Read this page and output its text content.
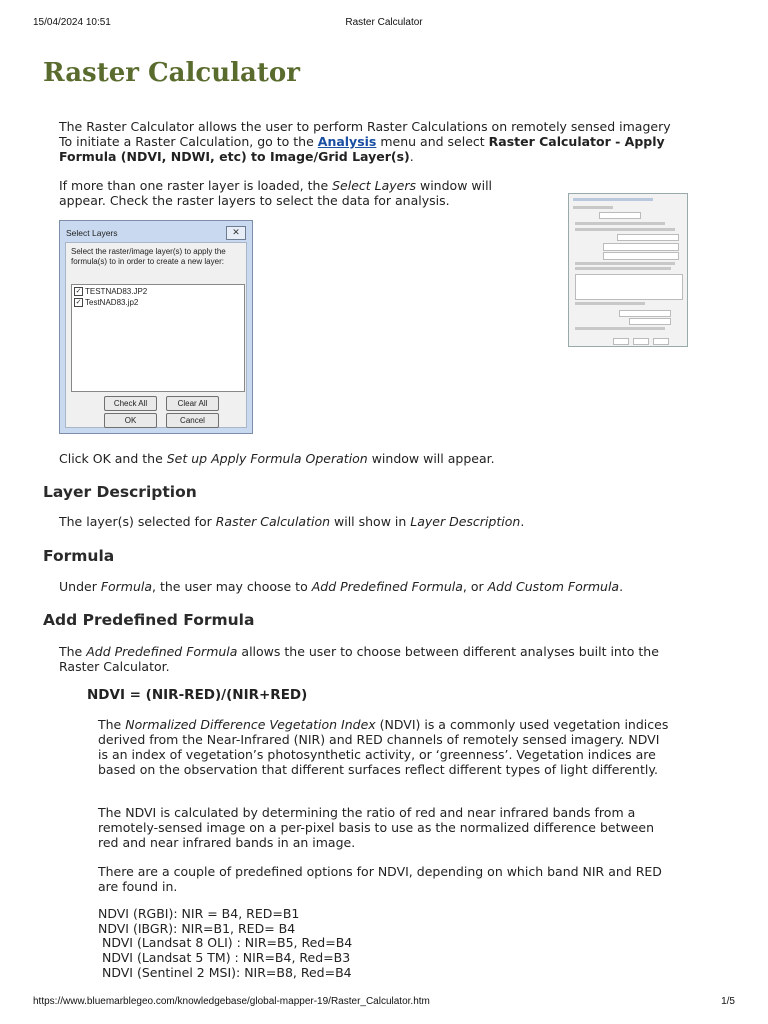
15/04/2024 10:51	Raster Calculator
Raster Calculator

The Raster Calculator allows the user to perform Raster Calculations on remotely sensed imagery
To initiate a Raster Calculation, go to the Analysis menu and select Raster Calculator - Apply Formula (NDVI, NDWI, etc) to Image/Grid Layer(s).

If more than one raster layer is loaded, the Select Layers window will appear. Check the raster layers to select the data for analysis.

Select Layers	✕
Select the raster/image layer(s) to apply the formula(s) to in order to create a new layer:
✓ TESTNAD83.JP2
✓ TestNAD83.jp2
Check All	Clear All
OK	Cancel

Click OK and the Set up Apply Formula Operation window will appear.

Layer Description

The layer(s) selected for Raster Calculation will show in Layer Description.

Formula

Under Formula, the user may choose to Add Predefined Formula, or Add Custom Formula.

Add Predefined Formula

The Add Predefined Formula allows the user to choose between different analyses built into the Raster Calculator.

NDVI = (NIR-RED)/(NIR+RED)

The Normalized Difference Vegetation Index (NDVI) is a commonly used vegetation indices derived from the Near-Infrared (NIR) and RED channels of remotely sensed imagery. NDVI is an index of vegetation’s photosynthetic activity, or ‘greenness’. Vegetation indices are based on the observation that different surfaces reflect different types of light differently.

The NDVI is calculated by determining the ratio of red and near infrared bands from a remotely-sensed image on a per-pixel basis to use as the normalized difference between red and near infrared bands in an image.

There are a couple of predefined options for NDVI, depending on which band NIR and RED are found in.

NDVI (RGBI): NIR = B4, RED=B1
NDVI (IBGR): NIR=B1, RED= B4
NDVI (Landsat 8 OLI) : NIR=B5, Red=B4
NDVI (Landsat 5 TM) : NIR=B4, Red=B3
NDVI (Sentinel 2 MSI): NIR=B8, Red=B4
https://www.bluemarblegeo.com/knowledgebase/global-mapper-19/Raster_Calculator.htm	1/5
